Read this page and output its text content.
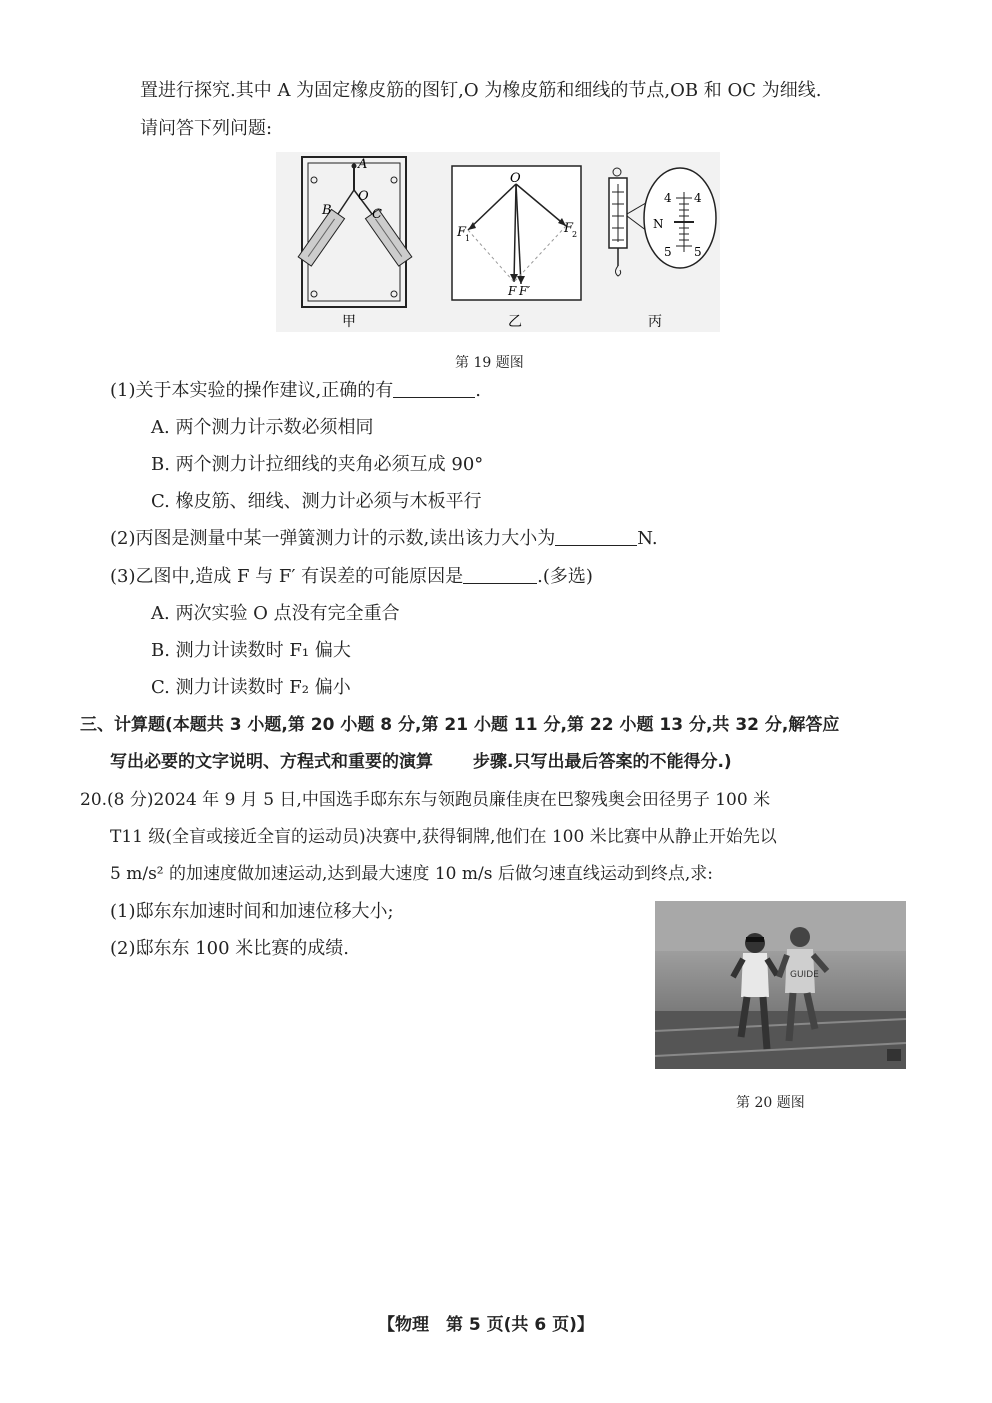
置进行探究.其中 A 为固定橡皮筋的图钉,O 为橡皮筋和细线的节点,OB 和 OC 为细线.
请问答下列问题:
A
O
B	C
甲
O
F
1
F
2
F F′
乙
4 4
N
5 5
丙
第 19 题图
(1)关于本实验的操作建议,正确的有	.
A. 两个测力计示数必须相同
B. 两个测力计拉细线的夹角必须互成 90°
C. 橡皮筋、细线、测力计必须与木板平行
(2)丙图是测量中某一弹簧测力计的示数,读出该力大小为	N.
(3)乙图中,造成 F 与 F′ 有误差的可能原因是	.(多选)
A. 两次实验 O 点没有完全重合
B. 测力计读数时 F₁ 偏大
C. 测力计读数时 F₂ 偏小
三、计算题(本题共 3 小题,第 20 小题 8 分,第 21 小题 11 分,第 22 小题 13 分,共 32 分,解答应
写出必要的文字说明、方程式和重要的演算 步骤.只写出最后答案的不能得分.)
20.(8 分)2024 年 9 月 5 日,中国选手邸东东与领跑员廉佳庚在巴黎残奥会田径男子 100 米
T11 级(全盲或接近全盲的运动员)决赛中,获得铜牌,他们在 100 米比赛中从静止开始先以
5 m/s² 的加速度做加速运动,达到最大速度 10 m/s 后做匀速直线运动到终点,求:
(1)邸东东加速时间和加速位移大小;
(2)邸东东 100 米比赛的成绩.
GUIDE
第 20 题图
【物理　第 5 页(共 6 页)】
